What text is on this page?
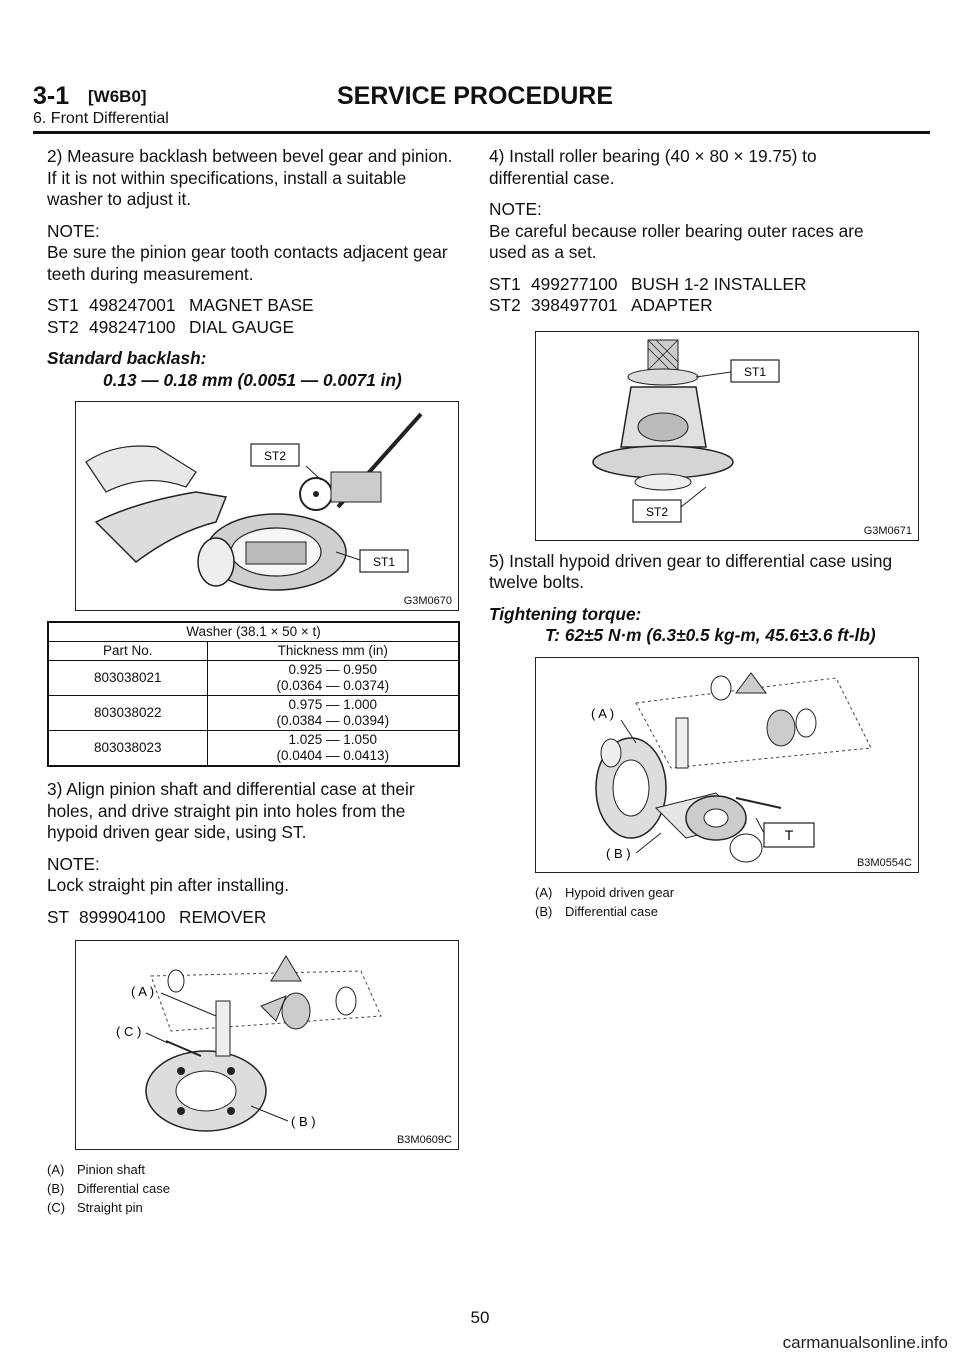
3-1 [W6B0]	SERVICE PROCEDURE
6. Front Differential

2) Measure backlash between bevel gear and pinion. If it is not within specifications, install a suitable washer to adjust it.

NOTE:

Be sure the pinion gear tooth contacts adjacent gear teeth during measurement.

ST1 498247001 MAGNET BASE
ST2 498247100 DIAL GAUGE

Standard backlash:

0.13 — 0.18 mm (0.0051 — 0.0071 in)

ST2
ST1
G3M0670
Washer (38.1 × 50 × t)	
Part No.	Thickness mm (in)
803038021	0.925 — 0.950
(0.0364 — 0.0374)

803038022	0.975 — 1.000
(0.0384 — 0.0394)

803038023	1.025 — 1.050
(0.0404 — 0.0413)

3) Align pinion shaft and differential case at their holes, and drive straight pin into holes from the hypoid driven gear side, using ST.

NOTE:

Lock straight pin after installing.

ST 899904100 REMOVER
( A )
( C )
( B )
B3M0609C
(A) Pinion shaft
(B) Differential case
(C) Straight pin

4) Install roller bearing (40 × 80 × 19.75) to differential case.

NOTE:

Be careful because roller bearing outer races are used as a set.

ST1 499277100 BUSH 1-2 INSTALLER
ST2 398497701 ADAPTER
ST1
ST2
G3M0671

5) Install hypoid driven gear to differential case using twelve bolts.

Tightening torque:

T: 62±5 N·m (6.3±0.5 kg-m, 45.6±3.6 ft-lb)

( A )
( B )
T
B3M0554C
(A) Hypoid driven gear
(B) Differential case
50
carmanualsonline.info
